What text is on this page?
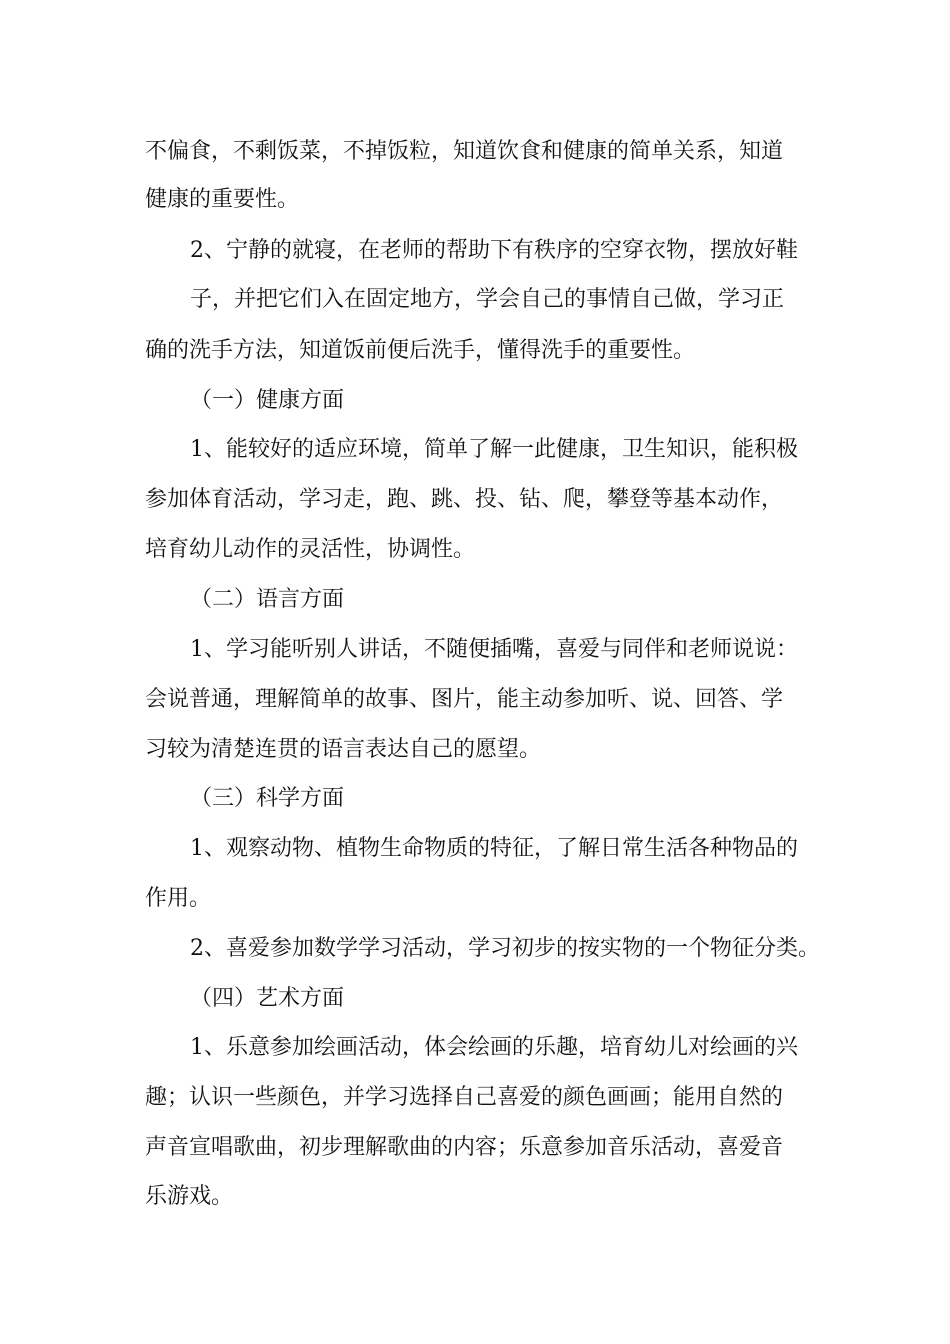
不偏食，不剩饭菜，不掉饭粒，知道饮食和健康的简单关系，知道
健康的重要性。
2、宁静的就寝，在老师的帮助下有秩序的空穿衣物，摆放好鞋
子，并把它们入在固定地方，学会自己的事情自己做，学习正
确的洗手方法，知道饭前便后洗手，懂得洗手的重要性。
（一）健康方面
1、能较好的适应环境，简单了解一此健康，卫生知识，能积极
参加体育活动，学习走，跑、跳、投、钻、爬，攀登等基本动作，
培育幼儿动作的灵活性，协调性。
（二）语言方面
1、学习能听别人讲话，不随便插嘴，喜爱与同伴和老师说说：
会说普通，理解简单的故事、图片，能主动参加听、说、回答、学
习较为清楚连贯的语言表达自己的愿望。
（三）科学方面
1、观察动物、植物生命物质的特征，了解日常生活各种物品的
作用。
2、喜爱参加数学学习活动，学习初步的按实物的一个物征分类。
（四）艺术方面
1、乐意参加绘画活动，体会绘画的乐趣，培育幼儿对绘画的兴
趣；认识一些颜色，并学习选择自己喜爱的颜色画画；能用自然的
声音宣唱歌曲，初步理解歌曲的内容；乐意参加音乐活动，喜爱音
乐游戏。
